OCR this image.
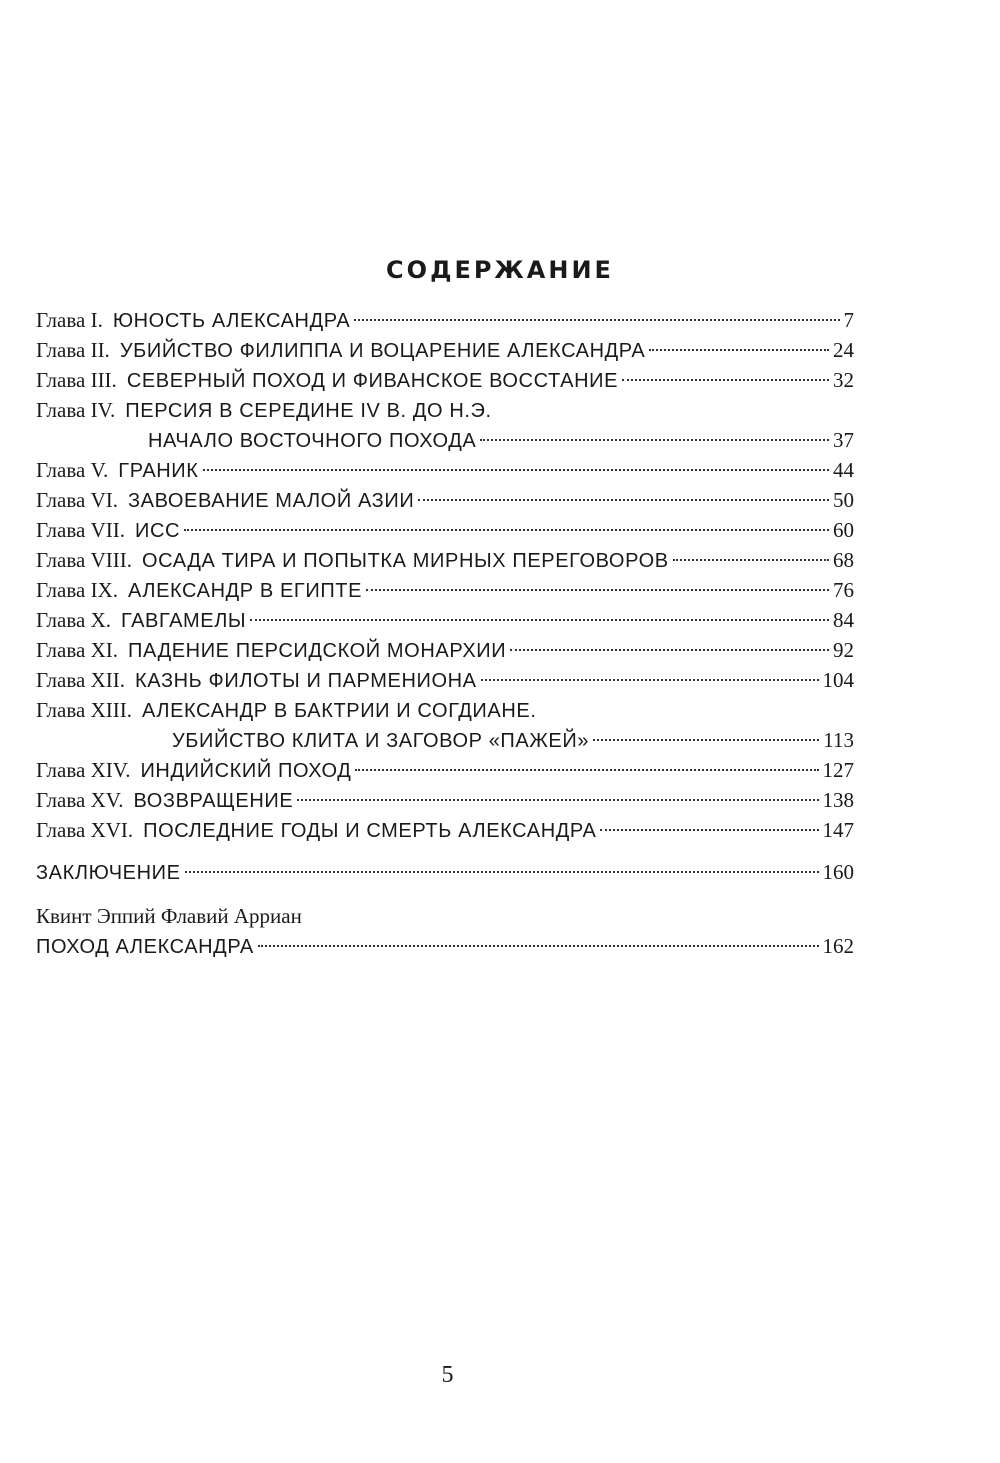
СОДЕРЖАНИЕ
Глава I. ЮНОСТЬ АЛЕКСАНДРА	7
Глава II. УБИЙСТВО ФИЛИППА И ВОЦАРЕНИЕ АЛЕКСАНДРА	24
Глава III. СЕВЕРНЫЙ ПОХОД И ФИВАНСКОЕ ВОССТАНИЕ	32
Глава IV. ПЕРСИЯ В СЕРЕДИНЕ IV В. ДО Н.Э.
НАЧАЛО ВОСТОЧНОГО ПОХОДА	37
Глава V. ГРАНИК	44
Глава VI. ЗАВОЕВАНИЕ МАЛОЙ АЗИИ	50
Глава VII. ИСС	60
Глава VIII. ОСАДА ТИРА И ПОПЫТКА МИРНЫХ ПЕРЕГОВОРОВ	68
Глава IX. АЛЕКСАНДР В ЕГИПТЕ	76
Глава X. ГАВГАМЕЛЫ	84
Глава XI. ПАДЕНИЕ ПЕРСИДСКОЙ МОНАРХИИ	92
Глава XII. КАЗНЬ ФИЛОТЫ И ПАРМЕНИОНА	104
Глава XIII. АЛЕКСАНДР В БАКТРИИ И СОГДИАНЕ.
УБИЙСТВО КЛИТА И ЗАГОВОР «ПАЖЕЙ»	113
Глава XIV. ИНДИЙСКИЙ ПОХОД	127
Глава XV. ВОЗВРАЩЕНИЕ	138
Глава XVI. ПОСЛЕДНИЕ ГОДЫ И СМЕРТЬ АЛЕКСАНДРА	147
ЗАКЛЮЧЕНИЕ	160
Квинт Эппий Флавий Арриан
ПОХОД АЛЕКСАНДРА	162
5
